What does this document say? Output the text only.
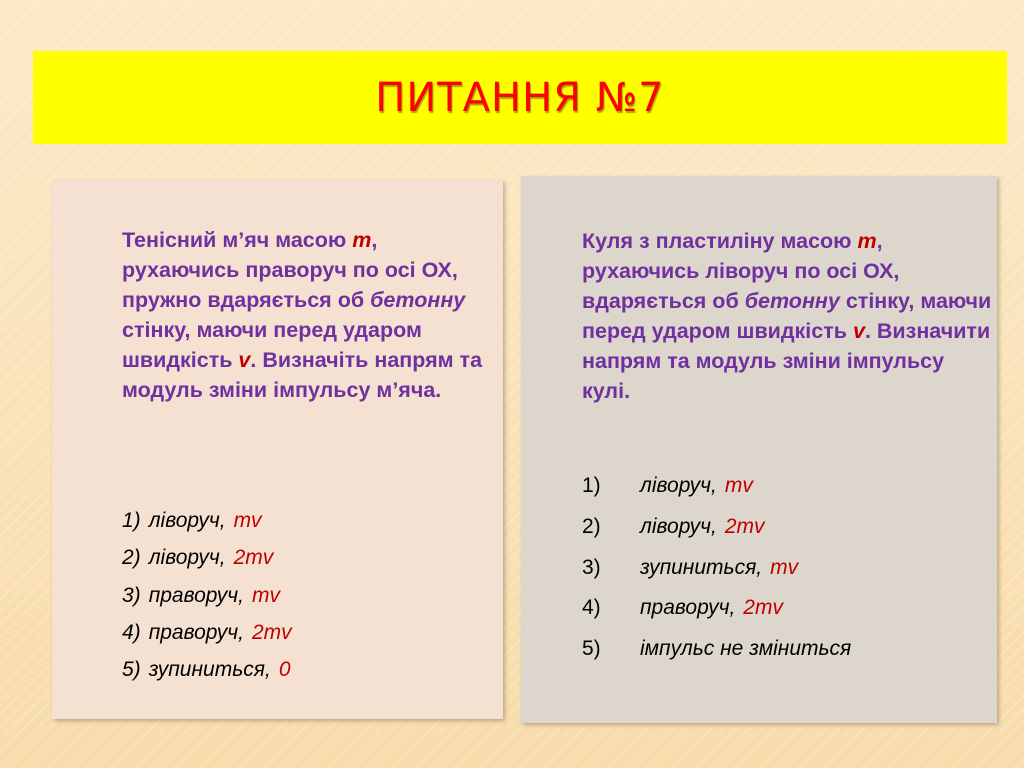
ПИТАННЯ №7

Тенісний м’яч масою m, рухаючись праворуч по осі ОХ, пружно вдаряється об бетонну стінку, маючи перед ударом швидкість v. Визначіть напрям та модуль зміни імпульсу м’яча.

1) ліворуч, mv
2) ліворуч, 2mv
3) праворуч, mv
4) праворуч, 2mv
5) зупиниться, 0

Куля з пластиліну масою m, рухаючись ліворуч по осі ОХ, вдаряється об бетонну стінку, маючи перед ударом швидкість v. Визначити напрям та модуль зміни імпульсу кулі.

1) ліворуч, mv
2) ліворуч, 2mv
3) зупиниться, mv
4) праворуч, 2mv
5) імпульс не зміниться
